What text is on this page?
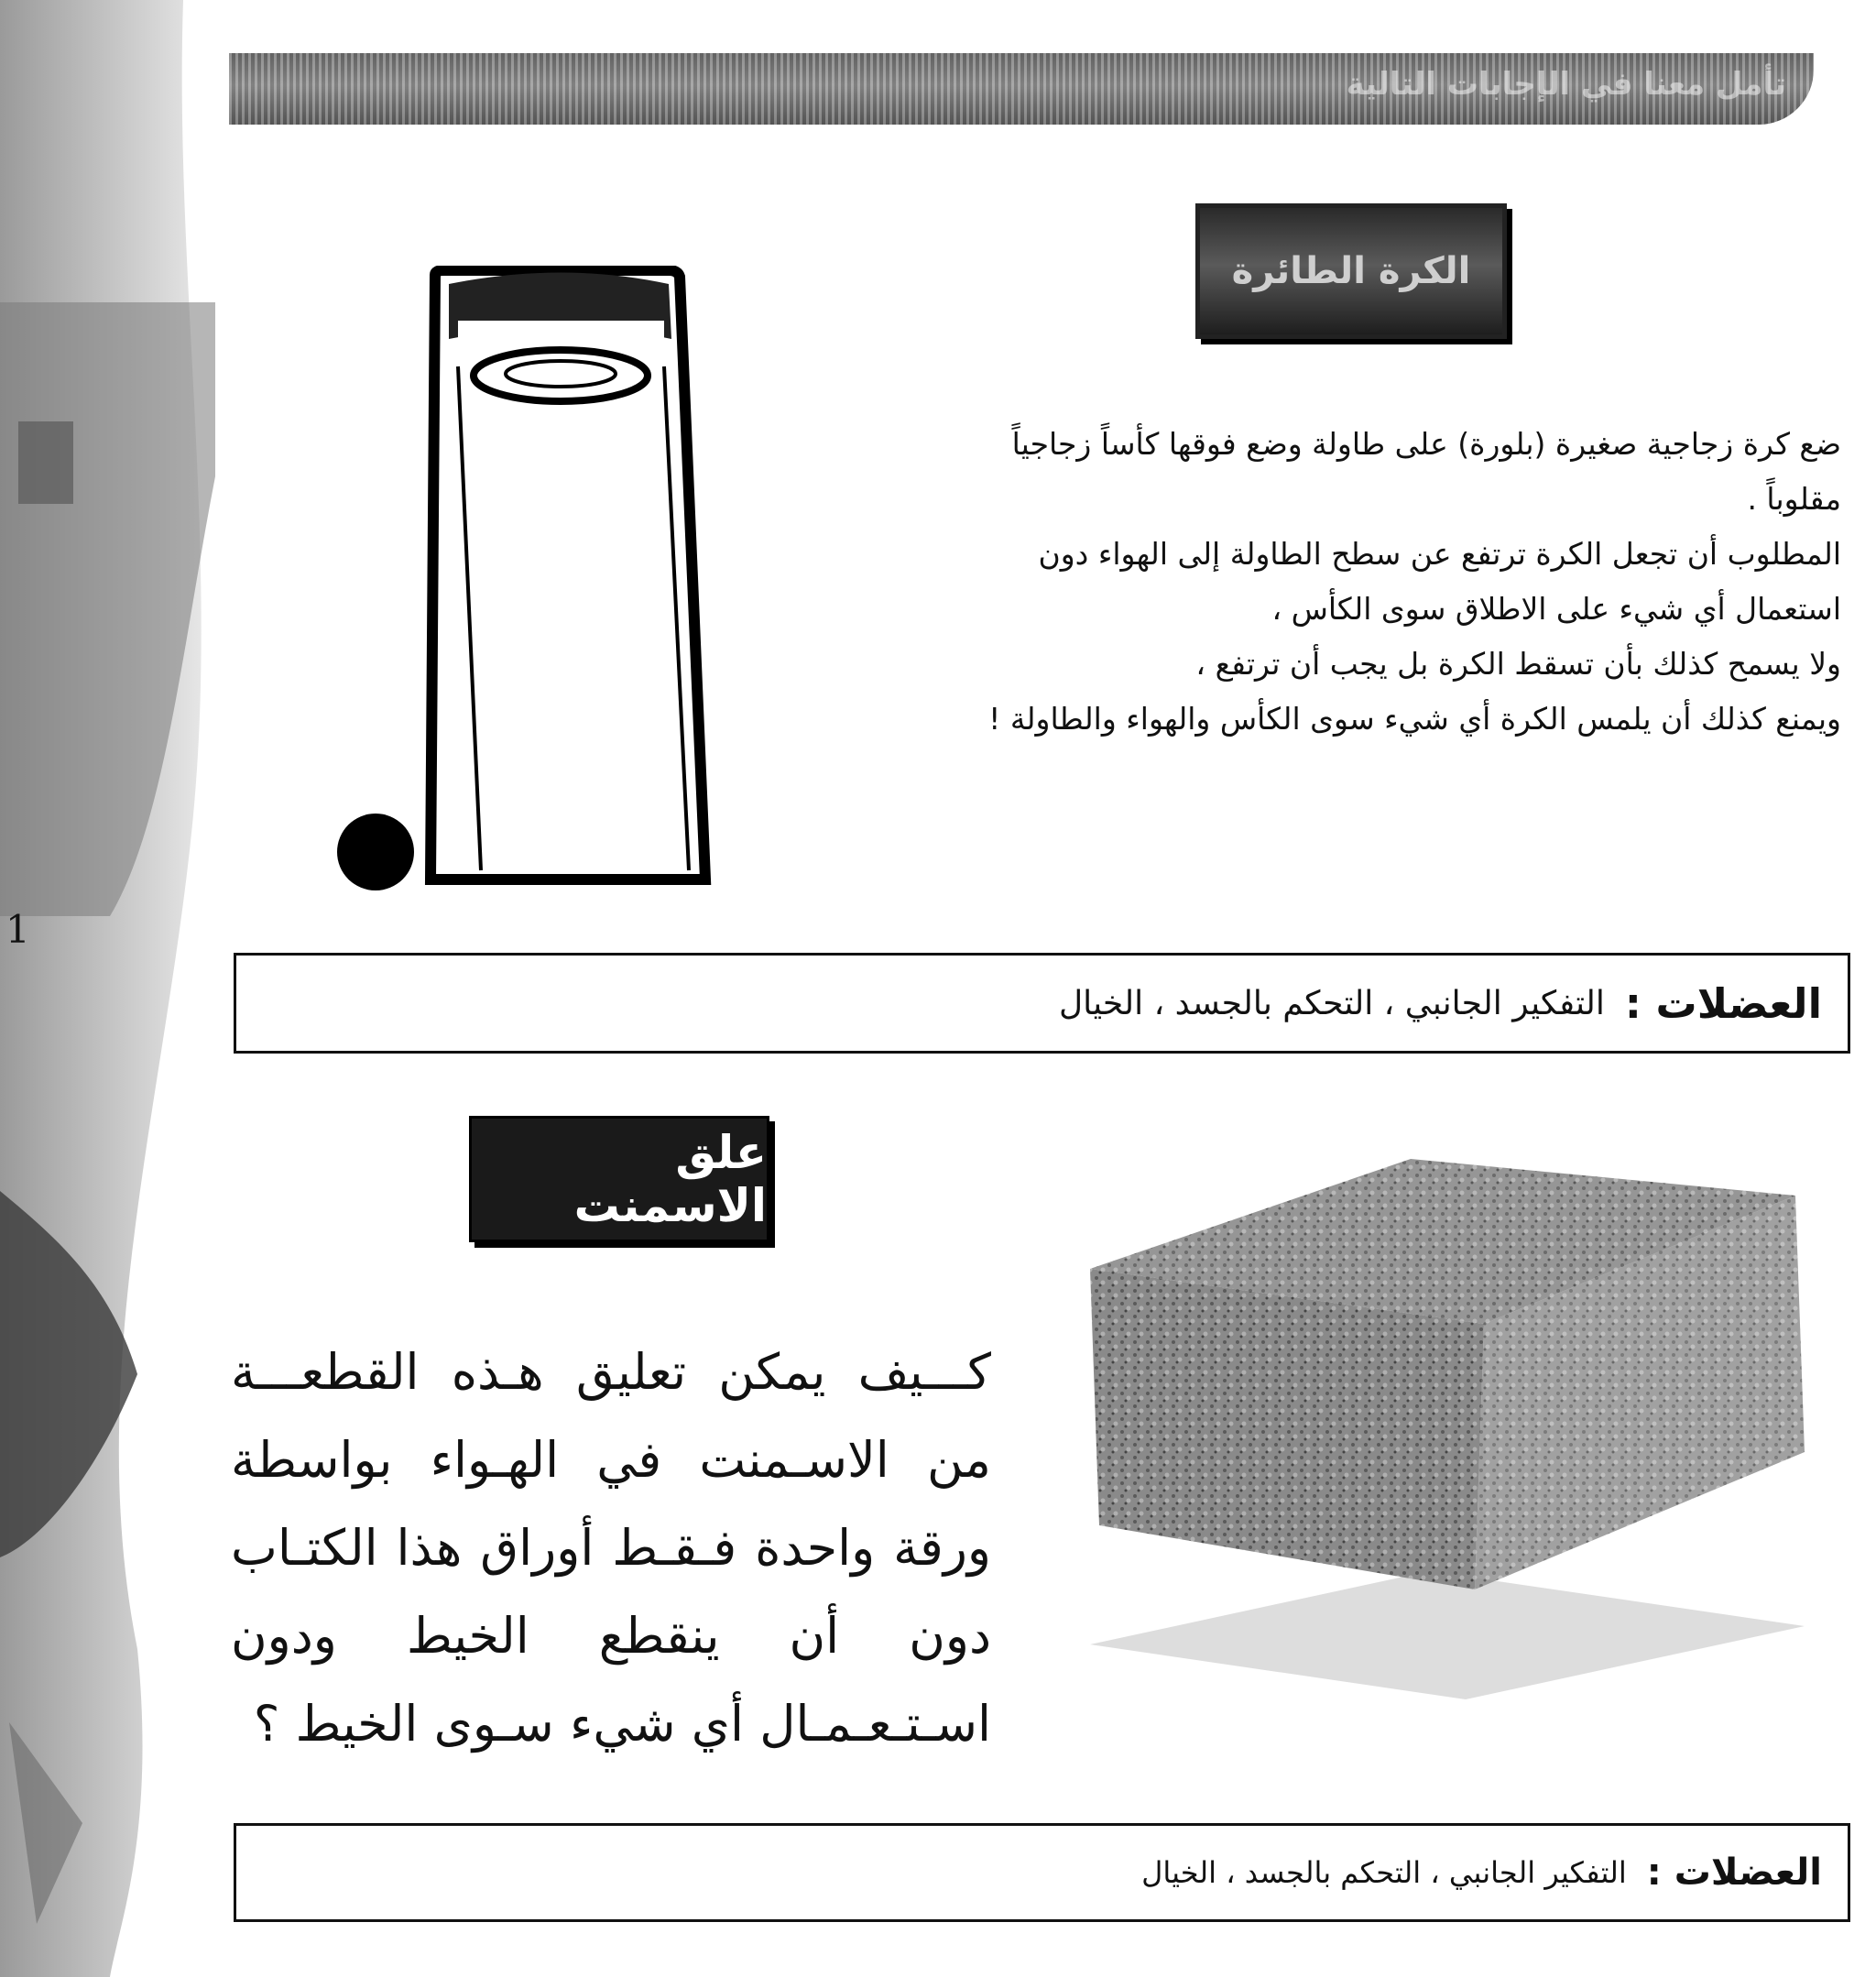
1
تأمل معنا في الإجابات التالية
الكرة الطائرة

ضع كرة زجاجية صغيرة (بلورة) على طاولة وضع فوقها كأساً زجاجياً

مقلوباً .

المطلوب أن تجعل الكرة ترتفع عن سطح الطاولة إلى الهواء دون

استعمال أي شيء على الاطلاق سوى الكأس ،

ولا يسمح كذلك بأن تسقط الكرة بل يجب أن ترتفع ،

ويمنع كذلك أن يلمس الكرة أي شيء سوى الكأس والهواء والطاولة !

العضلات :
التفكير الجانبي ، التحكم بالجسد ، الخيال
علق الاسمنت
كـــيف يمكن تعليق هـذه القطعـــة من الاسـمنت في الهـواء بواسطة ورقة واحدة فـقـط أوراق هذا الكتـاب دون أن ينقطع الخيط ودون اسـتـعـمـال أي شيء سـوى الخيط ؟
العضلات :
التفكير الجانبي ، التحكم بالجسد ، الخيال
